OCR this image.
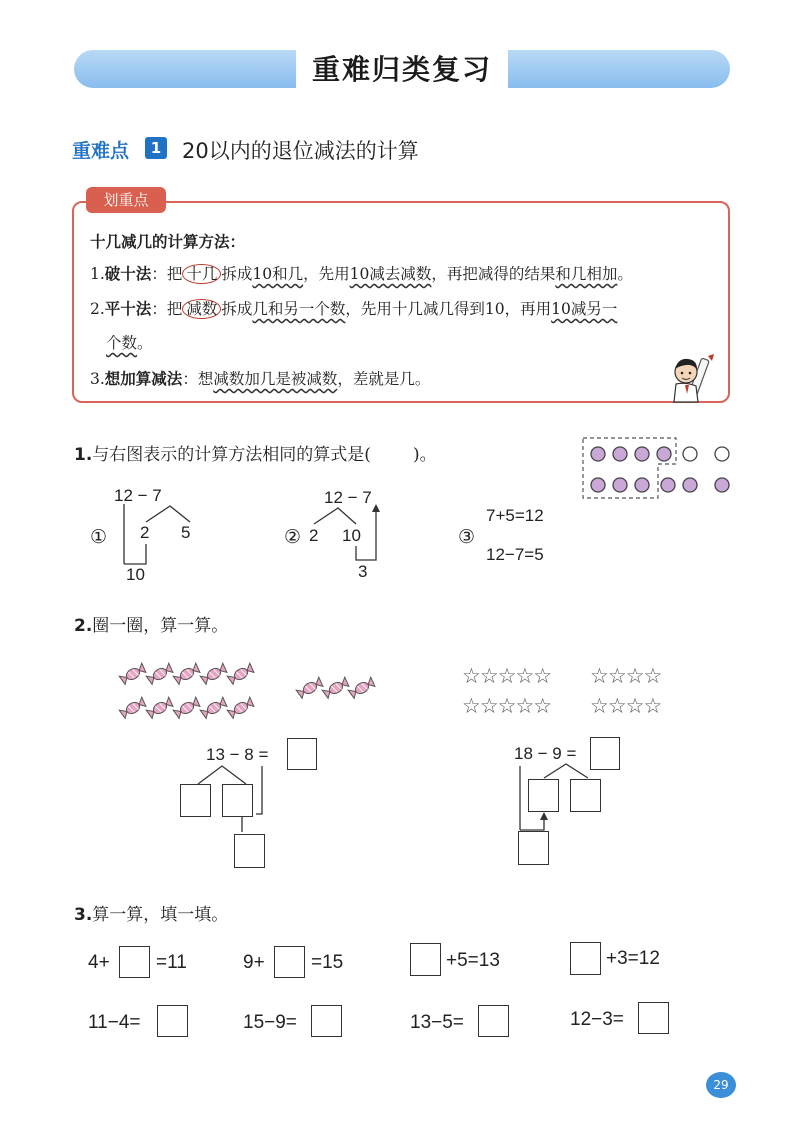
重难归类复习
重难点	1 20以内的退位减法的计算
划重点
十几减几的计算方法：
1.破十法：把 十几 拆成10和几，先用10减去减数，再把减得的结果和几相加。
2.平十法：把 减数 拆成几和另一个数，先用十几减几得到10，再用10减另一
个数。
3.想加算减法：想减数加几是被减数，差就是几。
1.与右图表示的计算方法相同的算式是( )。
①
12 − 7
2 5
10
②
12 − 7
2 10
3
③
7+5=12
12−7=5
2.圈一圈，算一算。
☆☆☆☆☆ ☆☆☆☆
☆☆☆☆☆ ☆☆☆☆
13 − 8 =	18 − 9 =
3.算一算，填一填。
4+ =11	9+ =15	+5=13	+3=12
11−4=	15−9=	13−5=	12−3=
29
